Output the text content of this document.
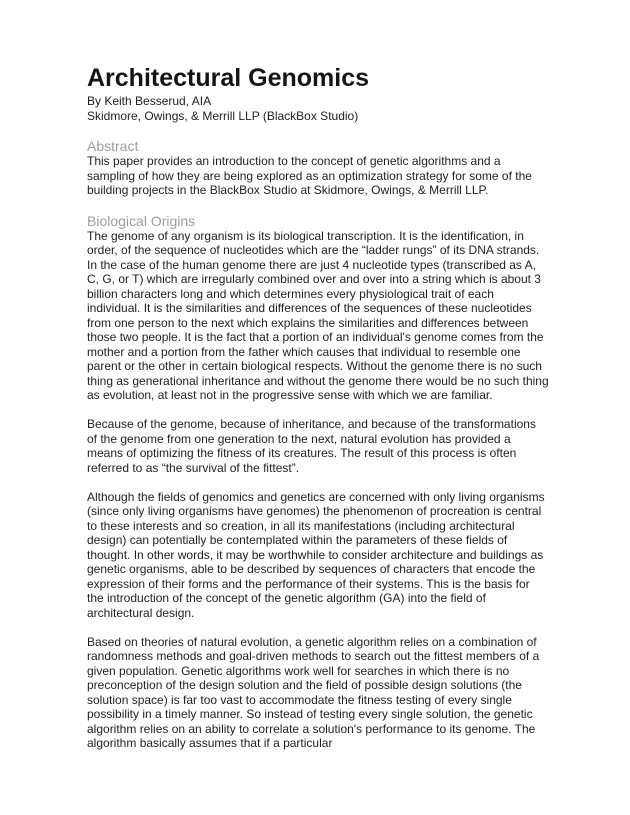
Architectural Genomics
By Keith Besserud, AIA
Skidmore, Owings, & Merrill LLP (BlackBox Studio)
Abstract

This paper provides an introduction to the concept of genetic algorithms and a sampling of how they are being explored as an optimization strategy for some of the building projects in the BlackBox Studio at Skidmore, Owings, & Merrill LLP.

Biological Origins

The genome of any organism is its biological transcription. It is the identification, in order, of the sequence of nucleotides which are the “ladder rungs” of its DNA strands. In the case of the human genome there are just 4 nucleotide types (transcribed as A, C, G, or T) which are irregularly combined over and over into a string which is about 3 billion characters long and which determines every physiological trait of each individual. It is the similarities and differences of the sequences of these nucleotides from one person to the next which explains the similarities and differences between those two people. It is the fact that a portion of an individual's genome comes from the mother and a portion from the father which causes that individual to resemble one parent or the other in certain biological respects. Without the genome there is no such thing as generational inheritance and without the genome there would be no such thing as evolution, at least not in the progressive sense with which we are familiar.

Because of the genome, because of inheritance, and because of the transformations of the genome from one generation to the next, natural evolution has provided a means of optimizing the fitness of its creatures. The result of this process is often referred to as “the survival of the fittest”.

Although the fields of genomics and genetics are concerned with only living organisms (since only living organisms have genomes) the phenomenon of procreation is central to these interests and so creation, in all its manifestations (including architectural design) can potentially be contemplated within the parameters of these fields of thought. In other words, it may be worthwhile to consider architecture and buildings as genetic organisms, able to be described by sequences of characters that encode the expression of their forms and the performance of their systems. This is the basis for the introduction of the concept of the genetic algorithm (GA) into the field of architectural design.

Based on theories of natural evolution, a genetic algorithm relies on a combination of randomness methods and goal-driven methods to search out the fittest members of a given population. Genetic algorithms work well for searches in which there is no preconception of the design solution and the field of possible design solutions (the solution space) is far too vast to accommodate the fitness testing of every single possibility in a timely manner. So instead of testing every single solution, the genetic algorithm relies on an ability to correlate a solution's performance to its genome. The algorithm basically assumes that if a particular
